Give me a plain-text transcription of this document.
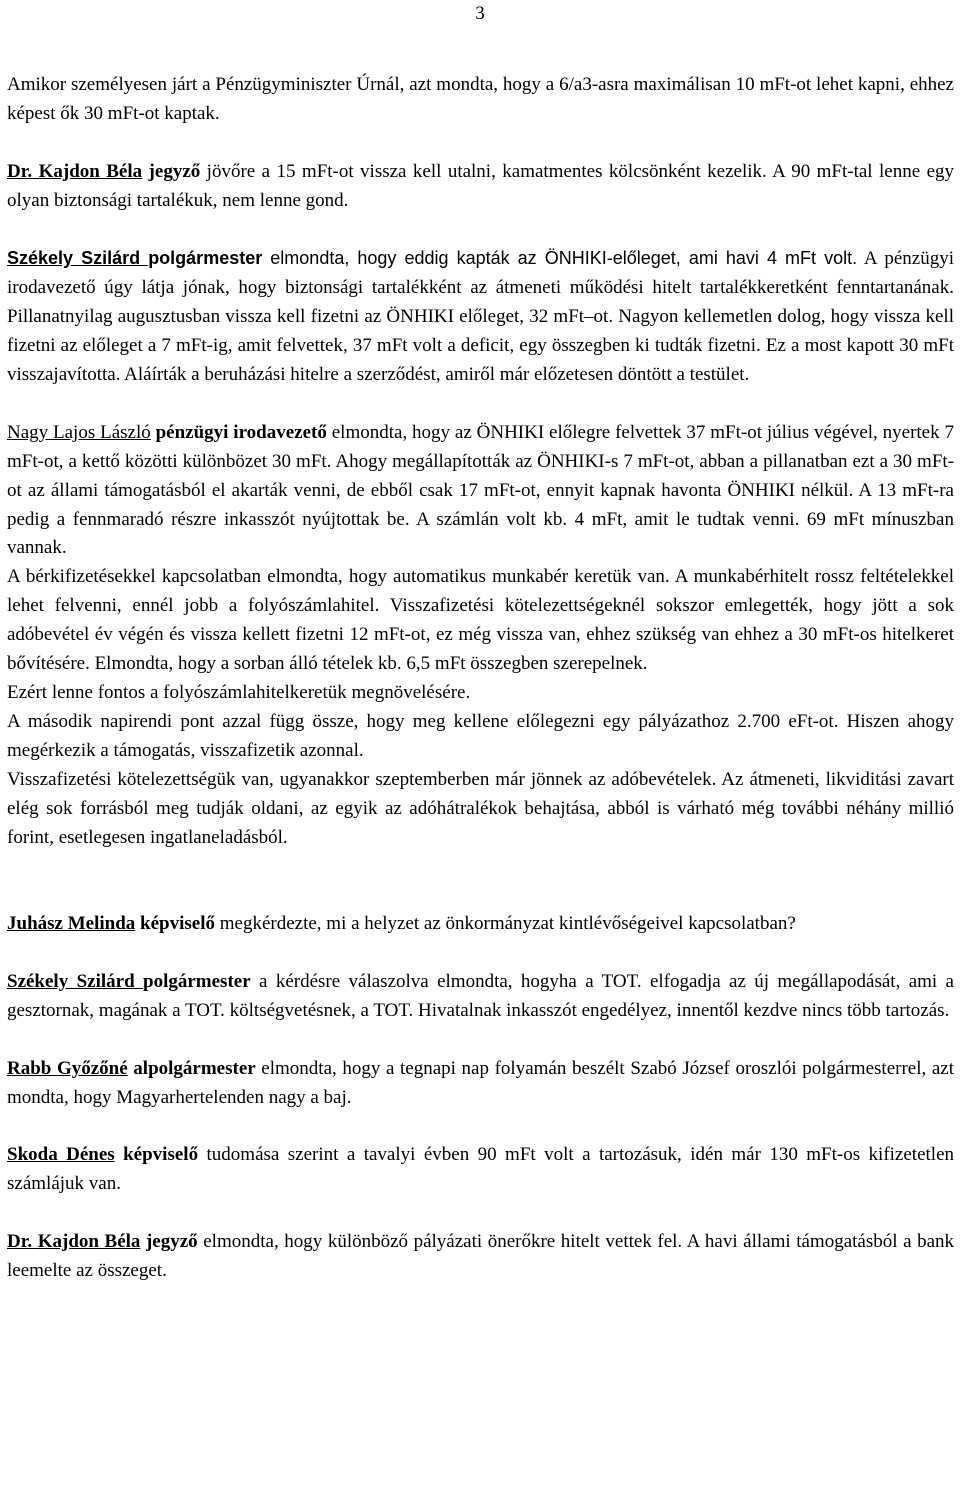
3

Amikor személyesen járt a Pénzügyminiszter Úrnál, azt mondta, hogy a 6/a3-asra maximálisan 10 mFt-ot lehet kapni, ehhez képest ők 30 mFt-ot kaptak.

Dr. Kajdon Béla jegyző jövőre a 15 mFt-ot vissza kell utalni, kamatmentes kölcsönként kezelik. A 90 mFt-tal lenne egy olyan biztonsági tartalékuk, nem lenne gond.

Székely Szilárd polgármester elmondta, hogy eddig kapták az ÖNHIKI-előleget, ami havi 4 mFt volt. A pénzügyi irodavezető úgy látja jónak, hogy biztonsági tartalékként az átmeneti működési hitelt tartalékkeretként fenntartanának. Pillanatnyilag augusztusban vissza kell fizetni az ÖNHIKI előleget, 32 mFt–ot. Nagyon kellemetlen dolog, hogy vissza kell fizetni az előleget a 7 mFt-ig, amit felvettek, 37 mFt volt a deficit, egy összegben ki tudták fizetni. Ez a most kapott 30 mFt visszajavította. Aláírták a beruházási hitelre a szerződést, amiről már előzetesen döntött a testület.

Nagy Lajos László pénzügyi irodavezető elmondta, hogy az ÖNHIKI előlegre felvettek 37 mFt-ot július végével, nyertek 7 mFt-ot, a kettő közötti különbözet 30 mFt. Ahogy megállapították az ÖNHIKI-s 7 mFt-ot, abban a pillanatban ezt a 30 mFt-ot az állami támogatásból el akarták venni, de ebből csak 17 mFt-ot, ennyit kapnak havonta ÖNHIKI nélkül. A 13 mFt-ra pedig a fennmaradó részre inkasszót nyújtottak be. A számlán volt kb. 4 mFt, amit le tudtak venni. 69 mFt mínuszban vannak.

A bérkifizetésekkel kapcsolatban elmondta, hogy automatikus munkabér keretük van. A munkabérhitelt rossz feltételekkel lehet felvenni, ennél jobb a folyószámlahitel. Visszafizetési kötelezettségeknél sokszor emlegették, hogy jött a sok adóbevétel év végén és vissza kellett fizetni 12 mFt-ot, ez még vissza van, ehhez szükség van ehhez a 30 mFt-os hitelkeret bővítésére. Elmondta, hogy a sorban álló tételek kb. 6,5 mFt összegben szerepelnek.

Ezért lenne fontos a folyószámlahitelkeretük megnövelésére.

A második napirendi pont azzal függ össze, hogy meg kellene előlegezni egy pályázathoz 2.700 eFt-ot. Hiszen ahogy megérkezik a támogatás, visszafizetik azonnal.

Visszafizetési kötelezettségük van, ugyanakkor szeptemberben már jönnek az adóbevételek. Az átmeneti, likviditási zavart elég sok forrásból meg tudják oldani, az egyik az adóhátralékok behajtása, abból is várható még további néhány millió forint, esetlegesen ingatlaneladásból.

Juhász Melinda képviselő megkérdezte, mi a helyzet az önkormányzat kintlévőségeivel kapcsolatban?

Székely Szilárd polgármester a kérdésre válaszolva elmondta, hogyha a TOT. elfogadja az új megállapodását, ami a gesztornak, magának a TOT. költségvetésnek, a TOT. Hivatalnak inkasszót engedélyez, innentől kezdve nincs több tartozás.

Rabb Győzőné alpolgármester elmondta, hogy a tegnapi nap folyamán beszélt Szabó József oroszlói polgármesterrel, azt mondta, hogy Magyarhertelenden nagy a baj.

Skoda Dénes képviselő tudomása szerint a tavalyi évben 90 mFt volt a tartozásuk, idén már 130 mFt-os kifizetetlen számlájuk van.

Dr. Kajdon Béla jegyző elmondta, hogy különböző pályázati önerőkre hitelt vettek fel. A havi állami támogatásból a bank leemelte az összeget.
